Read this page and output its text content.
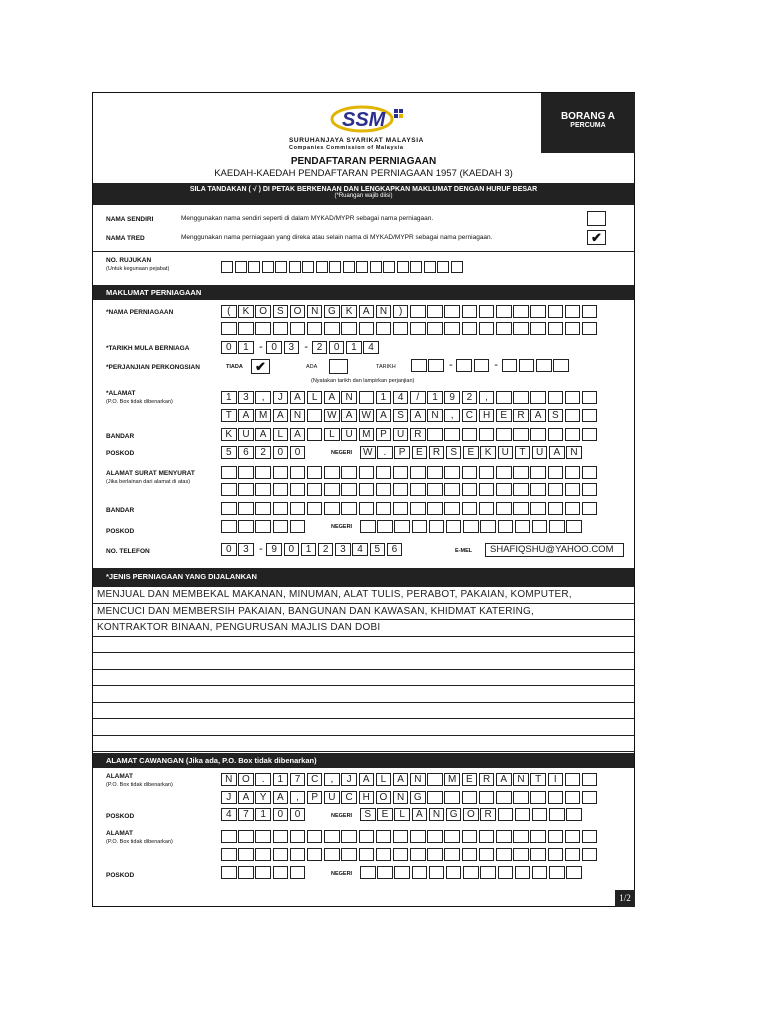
SSM
SURUHANJAYA SYARIKAT MALAYSIA
Companies Commission of Malaysia
BORANG A
PERCUMA
PENDAFTARAN PERNIAGAAN
KAEDAH-KAEDAH PENDAFTARAN PERNIAGAAN 1957 (KAEDAH 3)
SILA TANDAKAN ( √ ) DI PETAK BERKENAAN DAN LENGKAPKAN MAKLUMAT DENGAN HURUF BESAR
(*Ruangan wajib diisi)
NAMA SENDIRI	Menggunakan nama sendiri seperti di dalam MYKAD/MYPR sebagai nama perniagaan.
NAMA TRED	Menggunakan nama perniagaan yang direka atau selain nama di MYKAD/MYPR sebagai nama perniagaan.	✔
NO. RUJUKAN
(Untuk kegunaan pejabat)
MAKLUMAT PERNIAGAAN
*NAMA PERNIAGAAN	(	K O S O N G K	A	N	)
*TARIKH MULA BERNIAGA	0	1 - 0	3 - 2	0	1	4
*PERJANJIAN PERKONGSIAN	TIADA ✔	ADA	TARIKH	-	-
(Nyatakan tarikh dan lampirkan perjanjian)
*ALAMAT
(P.O. Box tidak dibenarkan)	1	3	,	J	A	L	A	N	1	4	/	1	9	2	,
T	A M A	N	W A W A	S	A	N	,	C H	E	R	A	S
BANDAR	K	U	A	L	A	L	U M P	U R
POSKOD	5	6	2	0	0	NEGERI	W	.	P	E	R	S	E	K	U	T	U	A	N
ALAMAT SURAT MENYURAT
(Jika berlainan dari alamat di atas)
BANDAR
POSKOD
NEGERI
NO. TELEFON	0	3 - 9	0	1	2	3	4	5	6	E-MEL	SHAFIQSHU@YAHOO.COM
*JENIS PERNIAGAAN YANG DIJALANKAN
MENJUAL DAN MEMBEKAL MAKANAN, MINUMAN, ALAT TULIS, PERABOT, PAKAIAN, KOMPUTER,
MENCUCI DAN MEMBERSIH PAKAIAN, BANGUNAN DAN KAWASAN, KHIDMAT KATERING,
KONTRAKTOR BINAAN, PENGURUSAN MAJLIS DAN DOBI
ALAMAT CAWANGAN (Jika ada, P.O. Box tidak dibenarkan)
ALAMAT
(P.O. Box tidak dibenarkan)	N O	.	1	7	C	,	J	A	L	A	N	M E	R	A	N	T	I
J	A	Y	A	,	P	U C H O N G
POSKOD	4	7	1	0	0	NEGERI	S	E	L	A	N G O R
ALAMAT
(P.O. Box tidak dibenarkan)
POSKOD	NEGERI
1/2
